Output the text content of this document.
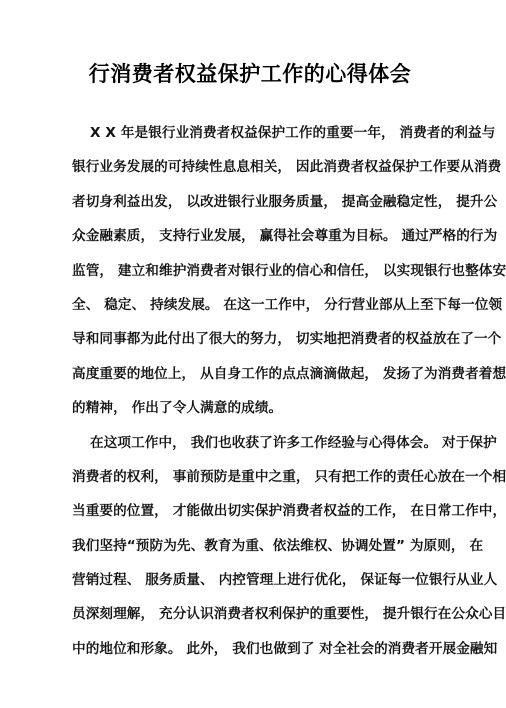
行消费者权益保护工作的心得体会
X X 年是银行业消费者权益保护工作的重要一年， 消费者的利益与
银行业务发展的可持续性息息相关， 因此消费者权益保护工作要从消费
者切身利益出发， 以改进银行业服务质量， 提高金融稳定性， 提升公
众金融素质， 支持行业发展， 赢得社会尊重为目标。 通过严格的行为
监管， 建立和维护消费者对银行业的信心和信任， 以实现银行也整体安
全、 稳定、 持续发展。 在这一工作中， 分行营业部从上至下每一位领
导和同事都为此付出了很大的努力， 切实地把消费者的权益放在了一个
高度重要的地位上， 从自身工作的点点滴滴做起， 发扬了为消费者着想
的精神， 作出了令人满意的成绩。
在这项工作中， 我们也收获了许多工作经验与心得体会。 对于保护
消费者的权利， 事前预防是重中之重， 只有把工作的责任心放在一个相
当重要的位置， 才能做出切实保护消费者权益的工作， 在日常工作中，
我们坚持“预防为先、教育为重、依法维权、协调处置” 为原则， 在
营销过程、 服务质量、 内控管理上进行优化， 保证每一位银行从业人
员深刻理解， 充分认识消费者权利保护的重要性， 提升银行在公众心目
中的地位和形象。 此外， 我们也做到了 对全社会的消费者开展金融知
